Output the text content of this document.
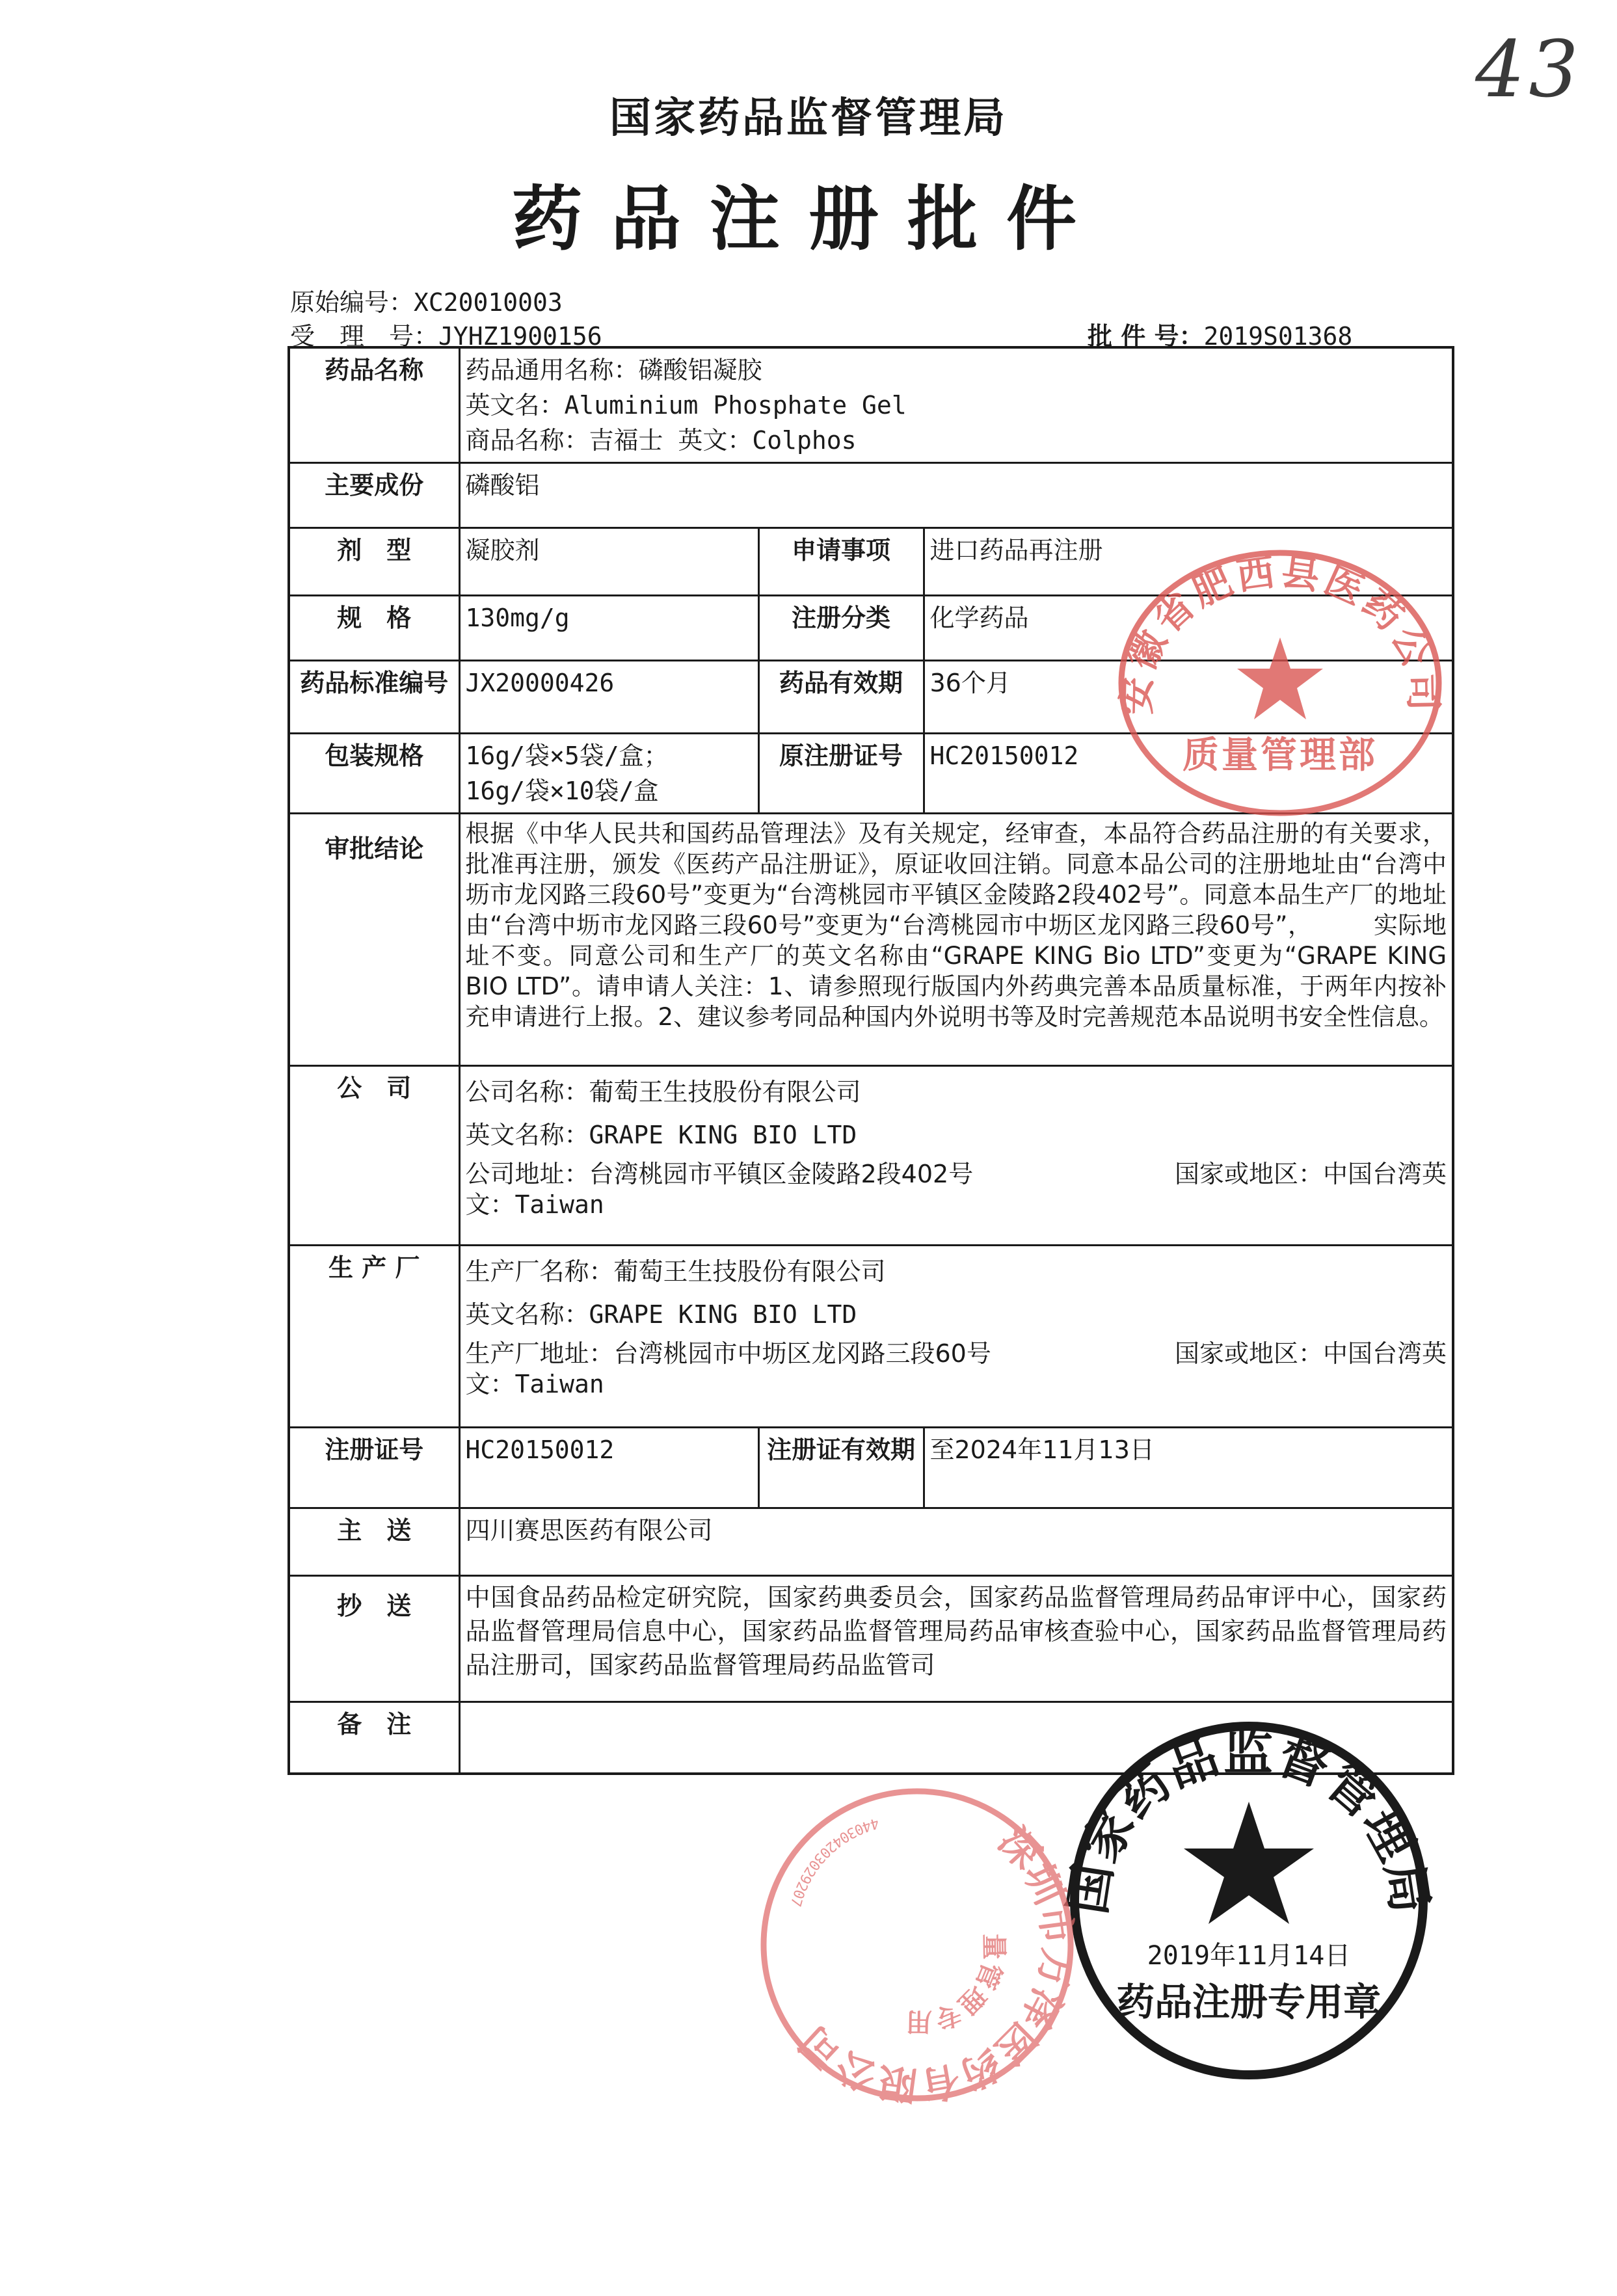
43
国家药品监督管理局
药品注册批件
原始编号：XC20010003
受　理　号：JYHZ1900156	批 件 号：2019S01368
药品名称	药品通用名称：磷酸铝凝胶
英文名：Aluminium Phosphate Gel
商品名称：吉福士 英文：Colphos		

主要成份	磷酸铝		
剂　型	凝胶剂	申请事项	进口药品再注册
规　格	130mg/g	注册分类	化学药品
药品标准编号	JX20000426	药品有效期	36个月
包装规格	16g/袋×5袋/盒；
16g/袋×10袋/盒	原注册证号	HC20150012
审批结论	根据《中华人民共和国药品管理法》及有关规定，经审查，本品符合药品注册的有关要求，批准再注册，颁发《医药产品注册证》，原证收回注销。同意本品公司的注册地址由“台湾中坜市龙冈路三段60号”变更为“台湾桃园市平镇区金陵路2段402号”。同意本品生产厂的地址由“台湾中坜市龙冈路三段60号”变更为“台湾桃园市中坜区龙冈路三段60号”，　　　实际地址不变。同意公司和生产厂的英文名称由“GRAPE KING Bio LTD”变更为“GRAPE KING BIO LTD”。请申请人关注：1、请参照现行版国内外药典完善本品质量标准，于两年内按补充申请进行上报。2、建议参考同品种国内外说明书等及时完善规范本品说明书安全性信息。		
公　司	公司名称：葡萄王生技股份有限公司
英文名称：GRAPE KING BIO LTD
公司地址：台湾桃园市平镇区金陵路2段402号 国家或地区：中国台湾英
文：Taiwan		

生 产 厂	生产厂名称：葡萄王生技股份有限公司
英文名称：GRAPE KING BIO LTD
生产厂地址：台湾桃园市中坜区龙冈路三段60号 国家或地区：中国台湾英
文：Taiwan		

注册证号	HC20150012	注册证有效期	至2024年11月13日
主　送	四川赛思医药有限公司		
抄　送	中国食品药品检定研究院，国家药典委员会，国家药品监督管理局药品审评中心，国家药品监督管理局信息中心，国家药品监督管理局药品审核查验中心，国家药品监督管理局药品注册司，国家药品监督管理局药品监管司		
备　注			
安徽省肥西县医药公司
质量管理部
国家药品监督管理局
2019年11月14日
药品注册专用章
深圳市万泽医药有限公司
质量管理专用章
440304203029207
